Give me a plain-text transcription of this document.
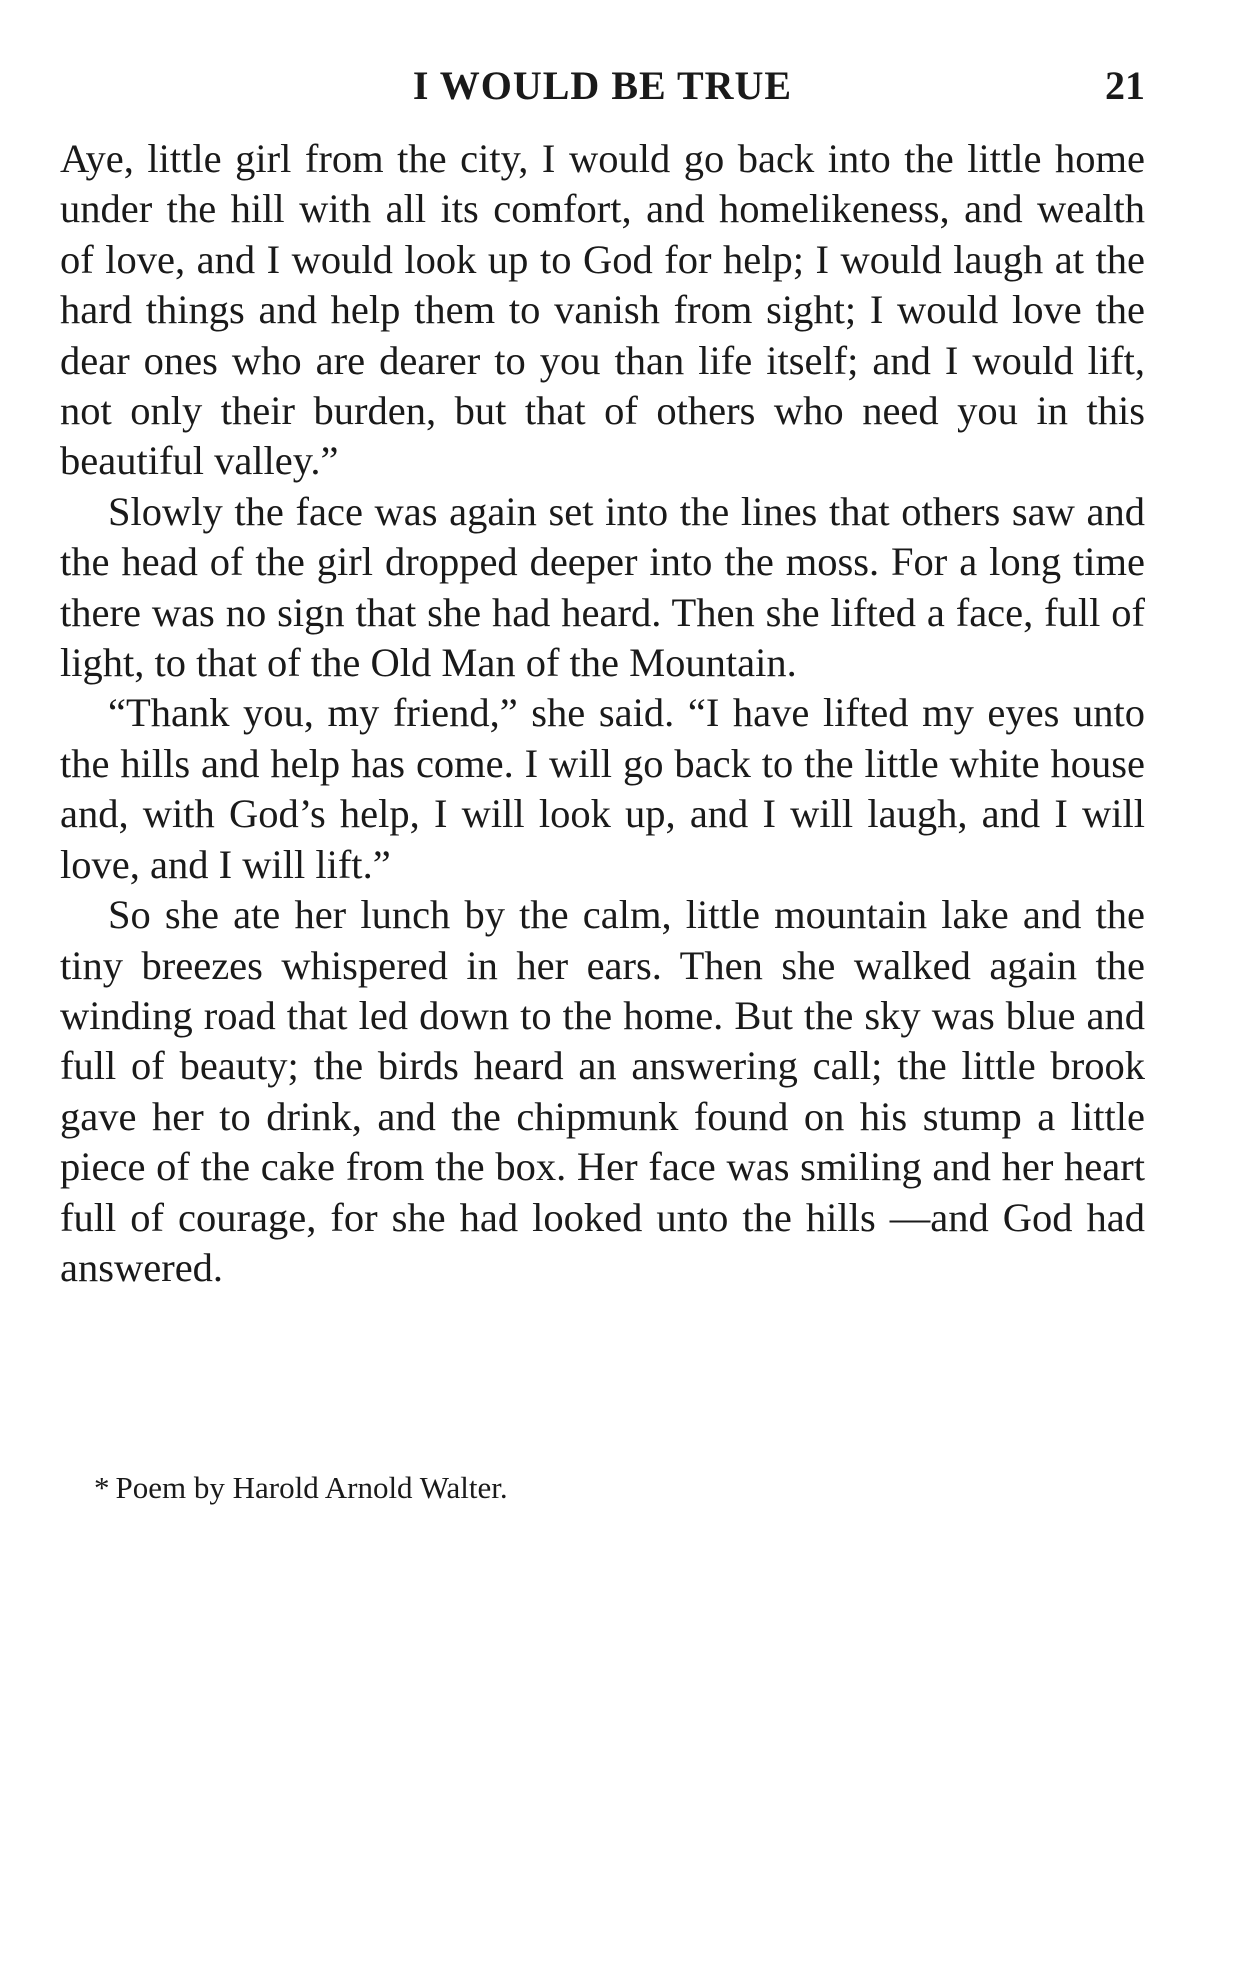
I WOULD BE TRUE	21

Aye, little girl from the city, I would go back into the little home under the hill with all its comfort, and homelikeness, and wealth of love, and I would look up to God for help; I would laugh at the hard things and help them to vanish from sight; I would love the dear ones who are dearer to you than life itself; and I would lift, not only their burden, but that of others who need you in this beautiful valley.”

Slowly the face was again set into the lines that others saw and the head of the girl dropped deeper into the moss. For a long time there was no sign that she had heard. Then she lifted a face, full of light, to that of the Old Man of the Mountain.

“Thank you, my friend,” she said. “I have lifted my eyes unto the hills and help has come. I will go back to the little white house and, with God’s help, I will look up, and I will laugh, and I will love, and I will lift.”

So she ate her lunch by the calm, little mountain lake and the tiny breezes whispered in her ears. Then she walked again the winding road that led down to the home. But the sky was blue and full of beauty; the birds heard an answering call; the little brook gave her to drink, and the chipmunk found on his stump a little piece of the cake from the box. Her face was smiling and her heart full of courage, for she had looked unto the hills —and God had answered.

* Poem by Harold Arnold Walter.
